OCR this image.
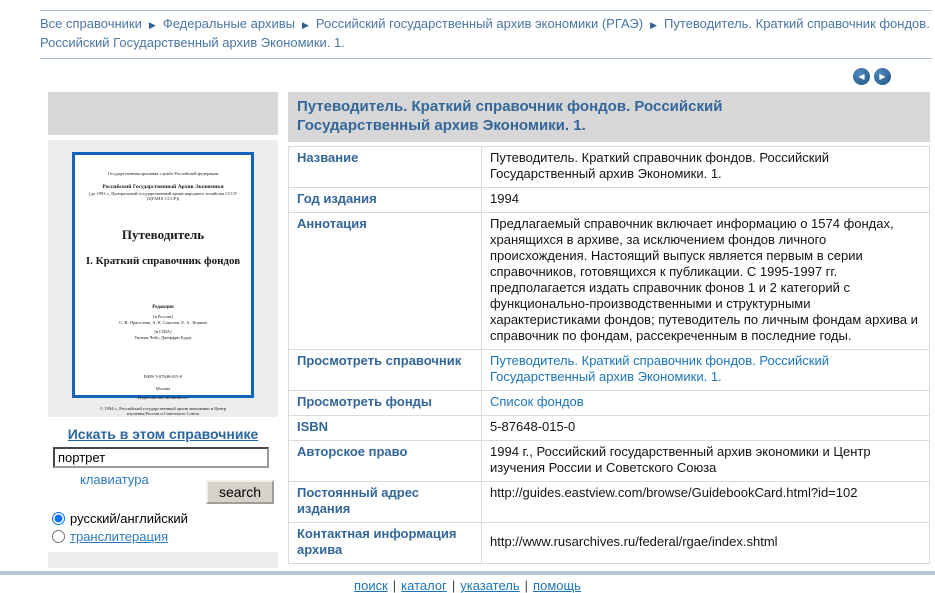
Все справочники ▶ Федеральные архивы ▶ Российский государственный архив экономики (РГАЭ) ▶ Путеводитель. Краткий справочник фондов. Российский Государственный архив Экономики. 1.
◀	▶
Государственная архивная служба Российской федерации
Российский Государственный Архив Экономики
(до 1992 г., Центральный государственный архив народного хозяйства СССР (ЦГАНХ СССР))
Путеводитель
I. Краткий справочник фондов
Редакция
[в России]
С. В. Прасолова, А. К. Соколов, Е. А. Тюрина
[в США]
Уильям Чейз, Джеффри Бурдс
ISBN 5-87648-015-0
Москва
Издательство «Благовест»
© 1994 г., Российский государственный архив экономики и Центр изучения России и Советского Союза
Искать в этом справочнике
портрет
клавиатура
search
русский/английский
транслитерация
Путеводитель. Краткий справочник фондов. Российский Государственный архив Экономики. 1.
Название	Путеводитель. Краткий справочник фондов. Российский Государственный архив Экономики. 1.

Год издания	1994
Аннотация	Предлагаемый справочник включает информацию о 1574 фондах, хранящихся в архиве, за исключением фондов личного происхождения. Настоящий выпуск является первым в серии справочников, готовящихся к публикации. С 1995-1997 гг. предполагается издать справочник фонов 1 и 2 категорий с функционально-производственными и структурными характеристиками фондов; путеводитель по личным фондам архива и справочник по фондам, рассекреченным в последние годы.

Просмотреть справочник	Путеводитель. Краткий справочник фондов. Российский Государственный архив Экономики. 1.

Просмотреть фонды	Список фондов
ISBN	5-87648-015-0
Авторское право	1994 г., Российский государственный архив экономики и Центр изучения России и Советского Союза

Постоянный адрес издания	http://guides.eastview.com/browse/GuidebookCard.html?id=102
Контактная информация архива	http://www.rusarchives.ru/federal/rgae/index.shtml
поиск | каталог | указатель | помощь
